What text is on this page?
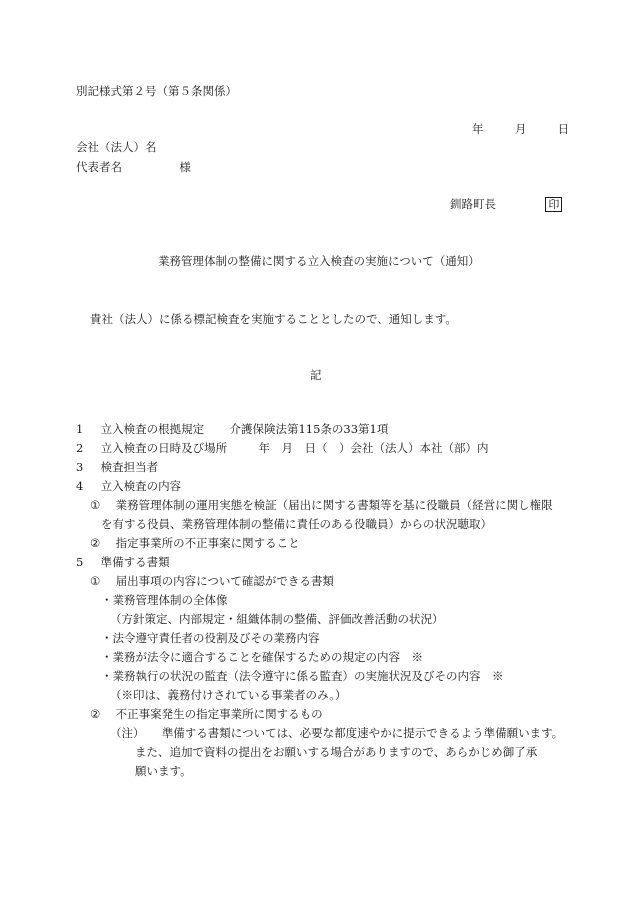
別記様式第２号（第５条関係）
年	月	日
会社（法人）名
代表者名	様
釧路町長	印
業務管理体制の整備に関する立入検査の実施について（通知）
貴社（法人）に係る標記検査を実施することとしたので、通知します。
記
1 立入検査の根拠規定 介護保険法第115条の33第1項
2 立入検査の日時及び場所	年　月　日（　）会社（法人）本社（部）内
3 検査担当者
4 立入検査の内容
① 業務管理体制の運用実態を検証（届出に関する書類等を基に役職員（経営に関し権限
を有する役員、業務管理体制の整備に責任のある役職員）からの状況聴取）
② 指定事業所の不正事案に関すること
5 準備する書類
① 届出事項の内容について確認ができる書類
・業務管理体制の全体像
（方針策定、内部規定・組織体制の整備、評価改善活動の状況）
・法令遵守責任者の役割及びその業務内容
・業務が法令に適合することを確保するための規定の内容　※
・業務執行の状況の監査（法令遵守に係る監査）の実施状況及びその内容　※
（※印は、義務付けされている事業者のみ。）
② 不正事案発生の指定事業所に関するもの
（注） 準備する書類については、必要な都度速やかに提示できるよう準備願います。
また、追加で資料の提出をお願いする場合がありますので、あらかじめ御了承
願います。
